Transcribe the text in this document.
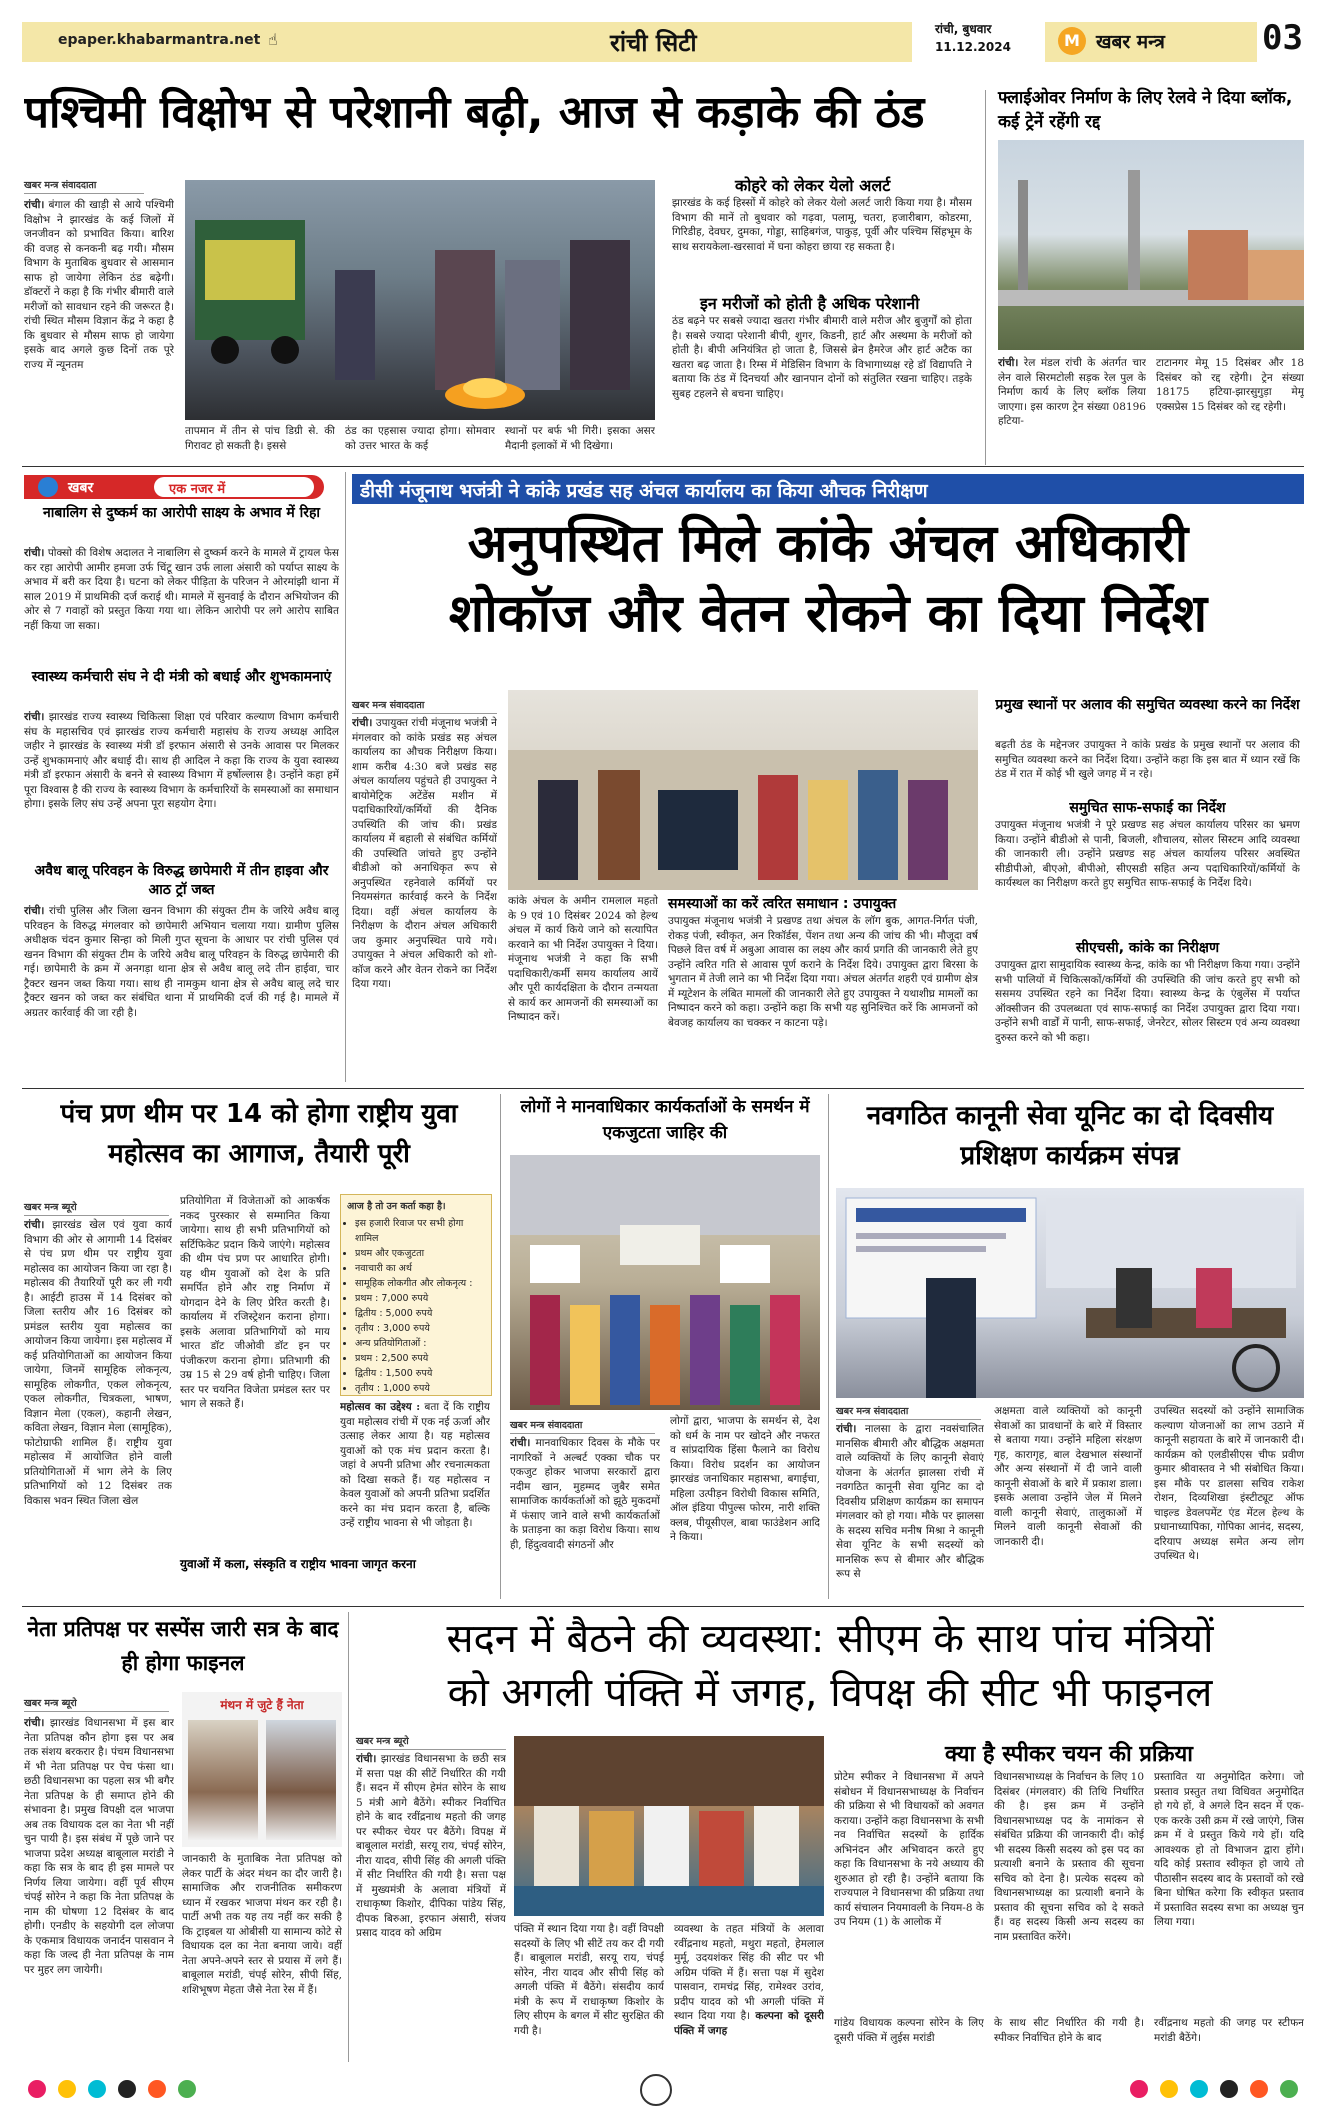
epaper.khabarmantra.net ☝	रांची सिटी	रांची, बुधवार
11.12.2024	M खबर मन्त्र	03
पश्चिमी विक्षोभ से परेशानी बढ़ी, आज से कड़ाके की ठंड
खबर मन्त्र संवाददाता
रांची। बंगाल की खाड़ी से आये पश्चिमी विक्षोभ ने झारखंड के कई जिलों में जनजीवन को प्रभावित किया। बारिश की वजह से कनकनी बढ़ गयी। मौसम विभाग के मुताबिक बुधवार से आसमान साफ हो जायेगा लेकिन ठंड बढ़ेगी। डॉक्टरों ने कहा है कि गंभीर बीमारी वाले मरीजों को सावधान रहने की जरूरत है। रांची स्थित मौसम विज्ञान केंद्र ने कहा है कि बुधवार से मौसम साफ हो जायेगा इसके बाद अगले कुछ दिनों तक पूरे राज्य में न्यूनतम
तापमान में तीन से पांच डिग्री से. की गिरावट हो सकती है। इससे
ठंड का एहसास ज्यादा होगा। सोमवार को उत्तर भारत के कई
स्थानों पर बर्फ भी गिरी। इसका असर मैदानी इलाकों में भी दिखेगा।
कोहरे को लेकर येलो अलर्ट
झारखंड के कई हिस्सों में कोहरे को लेकर येलो अलर्ट जारी किया गया है। मौसम विभाग की मानें तो बुधवार को गढ़वा, पलामू, चतरा, हजारीबाग, कोडरमा, गिरिडीह, देवघर, दुमका, गोड्डा, साहिबगंज, पाकुड़, पूर्वी और पश्चिम सिंहभूम के साथ सरायकेला-खरसावां में घना कोहरा छाया रह सकता है।
इन मरीजों को होती है अधिक परेशानी
ठंड बढ़ने पर सबसे ज्यादा खतरा गंभीर बीमारी वाले मरीज और बुजुर्गों को होता है। सबसे ज्यादा परेशानी बीपी, शुगर, किडनी, हार्ट और अस्थमा के मरीजों को होती है। बीपी अनियंत्रित हो जाता है, जिससे ब्रेन हैमरेज और हार्ट अटैक का खतरा बढ़ जाता है। रिम्स में मेडिसिन विभाग के विभागाध्यक्ष रहे डॉ विद्यापति ने बताया कि ठंड में दिनचर्या और खानपान दोनों को संतुलित रखना चाहिए। तड़के सुबह टहलने से बचना चाहिए।
फ्लाईओवर निर्माण के लिए रेलवे ने दिया ब्लॉक, कई ट्रेनें रहेंगी रद्द
रांची। रेल मंडल रांची के अंतर्गत चार लेन वाले सिरमटोली सड़क रेल पुल के निर्माण कार्य के लिए ब्लॉक लिया जाएगा। इस कारण ट्रेन संख्या 08196 हटिया-
टाटानगर मेमू 15 दिसंबर और 18 दिसंबर को रद्द रहेगी। ट्रेन संख्या 18175 हटिया-झारसुगुड़ा मेमू एक्सप्रेस 15 दिसंबर को रद्द रहेगी।
खबर	एक नजर में
नाबालिग से दुष्कर्म का आरोपी साक्ष्य के अभाव में रिहा
रांची। पोक्सो की विशेष अदालत ने नाबालिग से दुष्कर्म करने के मामले में ट्रायल फेस कर रहा आरोपी आमीर हमजा उर्फ चिंटू खान उर्फ लाला अंसारी को पर्याप्त साक्ष्य के अभाव में बरी कर दिया है। घटना को लेकर पीड़िता के परिजन ने ओरमांझी थाना में साल 2019 में प्राथमिकी दर्ज कराई थी। मामले में सुनवाई के दौरान अभियोजन की ओर से 7 गवाहों को प्रस्तुत किया गया था। लेकिन आरोपी पर लगे आरोप साबित नहीं किया जा सका।
स्वास्थ्य कर्मचारी संघ ने दी मंत्री को बधाई और शुभकामनाएं
रांची। झारखंड राज्य स्वास्थ्य चिकित्सा शिक्षा एवं परिवार कल्याण विभाग कर्मचारी संघ के महासचिव एवं झारखंड राज्य कर्मचारी महासंघ के राज्य अध्यक्ष आदिल जहीर ने झारखंड के स्वास्थ्य मंत्री डॉ इरफान अंसारी से उनके आवास पर मिलकर उन्हें शुभकामनाएं और बधाई दी। साथ ही आदिल ने कहा कि राज्य के युवा स्वास्थ्य मंत्री डॉ इरफान अंसारी के बनने से स्वास्थ्य विभाग में हर्षोल्लास है। उन्होंने कहा हमें पूरा विश्वास है की राज्य के स्वास्थ्य विभाग के कर्मचारियों के समस्याओं का समाधान होगा। इसके लिए संघ उन्हें अपना पूरा सहयोग देगा।
अवैध बालू परिवहन के विरुद्ध छापेमारी में तीन हाइवा और आठ ट्रॉ जब्त
रांची। रांची पुलिस और जिला खनन विभाग की संयुक्त टीम के जरिये अवैध बालू परिवहन के विरुद्ध मंगलवार को छापेमारी अभियान चलाया गया। ग्रामीण पुलिस अधीक्षक चंदन कुमार सिन्हा को मिली गुप्त सूचना के आधार पर रांची पुलिस एवं खनन विभाग की संयुक्त टीम के जरिये अवैध बालू परिवहन के विरुद्ध छापेमारी की गई। छापेमारी के क्रम में अनगड़ा थाना क्षेत्र से अवैध बालू लदे तीन हाईवा, चार ट्रैक्टर खनन जब्त किया गया। साथ ही नामकुम थाना क्षेत्र से अवैध बालू लदे चार ट्रैक्टर खनन को जब्त कर संबंधित थाना में प्राथमिकी दर्ज की गई है। मामले में अग्रतर कार्रवाई की जा रही है।
डीसी मंजूनाथ भजंत्री ने कांके प्रखंड सह अंचल कार्यालय का किया औचक निरीक्षण
अनुपस्थित मिले कांके अंचल अधिकारी
शोकॉज और वेतन रोकने का दिया निर्देश
खबर मन्त्र संवाददाता
रांची। उपायुक्त रांची मंजूनाथ भजंत्री ने मंगलवार को कांके प्रखंड सह अंचल कार्यालय का औचक निरीक्षण किया। शाम करीब 4:30 बजे प्रखंड सह अंचल कार्यालय पहुंचते ही उपायुक्त ने बायोमेट्रिक अटेंडेंस मशीन में पदाधिकारियों/कर्मियों की दैनिक उपस्थिति की जांच की। प्रखंड कार्यालय में बहाली से संबंधित कर्मियों की उपस्थिति जांचते हुए उन्होंने बीडीओ को अनाधिकृत रूप से अनुपस्थित रहनेवाले कर्मियों पर नियमसंगत कार्रवाई करने के निर्देश दिया। वहीं अंचल कार्यालय के निरीक्षण के दौरान अंचल अधिकारी जय कुमार अनुपस्थित पाये गये। उपायुक्त ने अंचल अधिकारी को शो-कॉज करने और वेतन रोकने का निर्देश दिया गया।
कांके अंचल के अमीन रामलाल महतो के 9 एवं 10 दिसंबर 2024 को हेल्थ अंचल में कार्य किये जाने को सत्यापित करवाने का भी निर्देश उपायुक्त ने दिया। मंजूनाथ भजंत्री ने कहा कि सभी पदाधिकारी/कर्मी समय कार्यालय आयें और पूरी कार्यदक्षिता के दौरान तन्मयता से कार्य कर आमजनों की समस्याओं का निष्पादन करें।
समस्याओं का करें त्वरित समाधान : उपायुक्त
उपायुक्त मंजूनाथ भजंत्री ने प्रखण्ड तथा अंचल के लॉग बुक, आगत-निर्गत पंजी, रोकड़ पंजी, स्वीकृत, अन रिकॉर्डस, पेंशन तथा अन्य की जांच की भी। मौजूदा वर्ष पिछले वित्त वर्ष में अबुआ आवास का लक्ष्य और कार्य प्रगति की जानकारी लेते हुए उन्होंने त्वरित गति से आवास पूर्ण कराने के निर्देश दिये। उपायुक्त द्वारा बिरसा के भुगतान में तेजी लाने का भी निर्देश दिया गया। अंचल अंतर्गत शहरी एवं ग्रामीण क्षेत्र में म्यूटेशन के लंबित मामलों की जानकारी लेते हुए उपायुक्त ने यथाशीघ्र मामलों का निष्पादन करने को कहा। उन्होंने कहा कि सभी यह सुनिश्चित करें कि आमजनों को बेवजह कार्यालय का चक्कर न काटना पड़े।
प्रमुख स्थानों पर अलाव की समुचित व्यवस्था करने का निर्देश
बढ़ती ठंड के मद्देनजर उपायुक्त ने कांके प्रखंड के प्रमुख स्थानों पर अलाव की समुचित व्यवस्था करने का निर्देश दिया। उन्होंने कहा कि इस बात में ध्यान रखें कि ठंड में रात में कोई भी खुले जगह में न रहे।
समुचित साफ-सफाई का निर्देश
उपायुक्त मंजूनाथ भजंत्री ने पूरे प्रखण्ड सह अंचल कार्यालय परिसर का भ्रमण किया। उन्होंने बीडीओ से पानी, बिजली, शौचालय, सोलर सिस्टम आदि व्यवस्था की जानकारी ली। उन्होंने प्रखण्ड सह अंचल कार्यालय परिसर अवस्थित सीडीपीओ, बीएओ, बीपीओ, सीएसडी सहित अन्य पदाधिकारियों/कर्मियों के कार्यस्थल का निरीक्षण करते हुए समुचित साफ-सफाई के निर्देश दिये।
सीएचसी, कांके का निरीक्षण
उपायुक्त द्वारा सामुदायिक स्वास्थ्य केन्द्र, कांके का भी निरीक्षण किया गया। उन्होंने सभी पालियों में चिकित्सकों/कर्मियों की उपस्थिति की जांच करते हुए सभी को ससमय उपस्थित रहने का निर्देश दिया। स्वास्थ्य केन्द्र के एंबुलेंस में पर्याप्त ऑक्सीजन की उपलब्धता एवं साफ-सफाई का निर्देश उपायुक्त द्वारा दिया गया। उन्होंने सभी वार्डों में पानी, साफ-सफाई, जेनरेटर, सोलर सिस्टम एवं अन्य व्यवस्था दुरुस्त करने को भी कहा।
पंच प्रण थीम पर 14 को होगा राष्ट्रीय युवा महोत्सव का आगाज, तैयारी पूरी
खबर मन्त्र ब्यूरो
रांची। झारखंड खेल एवं युवा कार्य विभाग की ओर से आगामी 14 दिसंबर से पंच प्रण थीम पर राष्ट्रीय युवा महोत्सव का आयोजन किया जा रहा है। महोत्सव की तैयारियों पूरी कर ली गयी है। आईटी हाउस में 14 दिसंबर को जिला स्तरीय और 16 दिसंबर को प्रमंडल स्तरीय युवा महोत्सव का आयोजन किया जायेगा। इस महोत्सव में कई प्रतियोगिताओं का आयोजन किया जायेगा, जिनमें सामूहिक लोकनृत्य, सामूहिक लोकगीत, एकल लोकनृत्य, एकल लोकगीत, चित्रकला, भाषण, विज्ञान मेला (एकल), कहानी लेखन, कविता लेखन, विज्ञान मेला (सामूहिक), फोटोग्राफी शामिल हैं। राष्ट्रीय युवा महोत्सव में आयोजित होने वाली प्रतियोगिताओं में भाग लेने के लिए प्रतिभागियों को 12 दिसंबर तक विकास भवन स्थित जिला खेल
प्रतियोगिता में विजेताओं को आकर्षक नकद पुरस्कार से सम्मानित किया जायेगा। साथ ही सभी प्रतिभागियों को सर्टिफिकेट प्रदान किये जाएंगे। महोत्सव की थीम पंच प्रण पर आधारित होगी। यह थीम युवाओं को देश के प्रति समर्पित होने और राष्ट्र निर्माण में योगदान देने के लिए प्रेरित करती है। कार्यालय में रजिस्ट्रेशन कराना होगा। इसके अलावा प्रतिभागियों को माय भारत डॉट जीओवी डॉट इन पर पंजीकरण कराना होगा। प्रतिभागी की उम्र 15 से 29 वर्ष होनी चाहिए। जिला स्तर पर चयनित विजेता प्रमंडल स्तर पर भाग ले सकते हैं।
आज है तो उन कर्ता कहा है।
• इस हजारी रिवाज पर सभी होगा शामिल
• प्रथम और एकजुटता
• नवाचारी का अर्थ
• सामूहिक लोकगीत और लोकनृत्य :
• प्रथम : 7,000 रुपये
• द्वितीय : 5,000 रुपये
• तृतीय : 3,000 रुपये
• अन्य प्रतियोगिताओं :
• प्रथम : 2,500 रुपये
• द्वितीय : 1,500 रुपये
• तृतीय : 1,000 रुपये
महोत्सव का उद्देश्य : बता दें कि राष्ट्रीय युवा महोत्सव रांची में एक नई ऊर्जा और उत्साह लेकर आया है। यह महोत्सव युवाओं को एक मंच प्रदान करता है। जहां वे अपनी प्रतिभा और रचनात्मकता को दिखा सकते हैं। यह महोत्सव न केवल युवाओं को अपनी प्रतिभा प्रदर्शित करने का मंच प्रदान करता है, बल्कि उन्हें राष्ट्रीय भावना से भी जोड़ता है।
युवाओं में कला, संस्कृति व राष्ट्रीय भावना जागृत करना
लोगों ने मानवाधिकार कार्यकर्ताओं के समर्थन में एकजुटता जाहिर की
खबर मन्त्र संवाददाता
रांची। मानवाधिकार दिवस के मौके पर नागरिकों ने अल्बर्ट एक्का चौक पर एकजुट होकर भाजपा सरकारों द्वारा नदीम खान, मुहम्मद जुबैर समेत सामाजिक कार्यकर्ताओं को झूठे मुकदमों में फंसाए जाने वाले सभी कार्यकर्ताओं के प्रताड़ना का कड़ा विरोध किया। साथ ही, हिंदुत्ववादी संगठनों और
लोगों द्वारा, भाजपा के समर्थन से, देश को धर्म के नाम पर खोदने और नफरत व सांप्रदायिक हिंसा फैलाने का विरोध किया। विरोध प्रदर्शन का आयोजन झारखंड जनाधिकार महासभा, बगाईचा, महिला उत्पीड़न विरोधी विकास समिति, ऑल इंडिया पीपुल्स फोरम, नारी शक्ति क्लब, पीयूसीएल, बाबा फाउंडेशन आदि ने किया।
नवगठित कानूनी सेवा यूनिट का दो दिवसीय प्रशिक्षण कार्यक्रम संपन्न
खबर मन्त्र संवाददाता
रांची। नालसा के द्वारा नवसंचालित मानसिक बीमारी और बौद्धिक अक्षमता वाले व्यक्तियों के लिए कानूनी सेवाएं योजना के अंतर्गत झालसा रांची में नवगठित कानूनी सेवा यूनिट का दो दिवसीय प्रशिक्षण कार्यक्रम का समापन मंगलवार को हो गया। मौके पर झालसा के सदस्य सचिव मनीष मिश्रा ने कानूनी सेवा यूनिट के सभी सदस्यों को मानसिक रूप से बीमार और बौद्धिक रूप से
अक्षमता वाले व्यक्तियों को कानूनी सेवाओं का प्रावधानों के बारे में विस्तार से बताया गया। उन्होंने महिला संरक्षण गृह, कारागृह, बाल देखभाल संस्थानों और अन्य संस्थानों में दी जाने वाली कानूनी सेवाओं के बारे में प्रकाश डाला। इसके अलावा उन्होंने जेल में मिलने वाली कानूनी सेवाएं, तालुकाओं में मिलने वाली कानूनी सेवाओं की जानकारी दी।
उपस्थित सदस्यों को उन्होंने सामाजिक कल्याण योजनाओं का लाभ उठाने में कानूनी सहायता के बारे में जानकारी दी। कार्यक्रम को एलडीसीएस चीफ प्रवीण कुमार श्रीवास्तव ने भी संबोधित किया। इस मौके पर डालसा सचिव राकेश रोशन, दिव्यशिखा इंस्टीट्यूट ऑफ चाइल्ड डेवलपमेंट एंड मेंटल हेल्थ के प्रधानाध्यापिका, गोपिका आनंद, सदस्य, दरियाप अध्यक्ष समेत अन्य लोग उपस्थित थे।
नेता प्रतिपक्ष पर सस्पेंस जारी सत्र के बाद ही होगा फाइनल
खबर मन्त्र ब्यूरो
रांची। झारखंड विधानसभा में इस बार नेता प्रतिपक्ष कौन होगा इस पर अब तक संशय बरकरार है। पंचम विधानसभा में भी नेता प्रतिपक्ष पर पेच फंसा था। छठी विधानसभा का पहला सत्र भी बगैर नेता प्रतिपक्ष के ही समाप्त होने की संभावना है। प्रमुख विपक्षी दल भाजपा अब तक विधायक दल का नेता भी नहीं चुन पायी है। इस संबंध में पूछे जाने पर भाजपा प्रदेश अध्यक्ष बाबूलाल मरांडी ने कहा कि सत्र के बाद ही इस मामले पर निर्णय लिया जायेगा। वहीं पूर्व सीएम चंपई सोरेन ने कहा कि नेता प्रतिपक्ष के नाम की घोषणा 12 दिसंबर के बाद होगी। एनडीए के सहयोगी दल लोजपा के एकमात्र विधायक जनार्दन पासवान ने कहा कि जल्द ही नेता प्रतिपक्ष के नाम पर मुहर लग जायेगी।
मंथन में जुटे हैं नेता
जानकारी के मुताबिक नेता प्रतिपक्ष को लेकर पार्टी के अंदर मंथन का दौर जारी है। सामाजिक और राजनीतिक समीकरण ध्यान में रखकर भाजपा मंथन कर रही है। पार्टी अभी तक यह तय नहीं कर सकी है कि ट्राइबल या ओबीसी या सामान्य कोटे से विधायक दल का नेता बनाया जाये। वहीं नेता अपने-अपने स्तर से प्रयास में लगे हैं। बाबूलाल मरांडी, चंपई सोरेन, सीपी सिंह, शशिभूषण मेहता जैसे नेता रेस में हैं।
सदन में बैठने की व्यवस्था: सीएम के साथ पांच मंत्रियों
को अगली पंक्ति में जगह, विपक्ष की सीट भी फाइनल
खबर मन्त्र ब्यूरो
रांची। झारखंड विधानसभा के छठी सत्र में सत्ता पक्ष की सीटें निर्धारित की गयी हैं। सदन में सीएम हेमंत सोरेन के साथ 5 मंत्री आगे बैठेंगे। स्पीकर निर्वाचित होने के बाद रवींद्रनाथ महतो की जगह पर स्पीकर चेयर पर बैठेंगे। विपक्ष में बाबूलाल मरांडी, सरयू राय, चंपई सोरेन, नीरा यादव, सीपी सिंह की अगली पंक्ति में सीट निर्धारित की गयी है। सत्ता पक्ष में मुख्यमंत्री के अलावा मंत्रियों में राधाकृष्ण किशोर, दीपिका पांडेय सिंह, दीपक बिरुआ, इरफान अंसारी, संजय प्रसाद यादव को अग्रिम	पंक्ति में स्थान दिया गया है। वहीं विपक्षी सदस्यों के लिए भी सीटें तय कर दी गयी हैं। बाबूलाल मरांडी, सरयू राय, चंपई सोरेन, नीरा यादव और सीपी सिंह को अगली पंक्ति में बैठेंगे। संसदीय कार्य मंत्री के रूप में राधाकृष्ण किशोर के लिए सीएम के बगल में सीट सुरक्षित की गयी है।
व्यवस्था के तहत मंत्रियों के अलावा रवींद्रनाथ महतो, मथुरा महतो, हेमलाल मुर्मू, उदयशंकर सिंह की सीट पर भी अग्रिम पंक्ति में हैं। सत्ता पक्ष में सुदेश पासवान, रामचंद्र सिंह, रामेश्वर उरांव, प्रदीप यादव को भी अगली पंक्ति में स्थान दिया गया है। कल्पना को दूसरी पंक्ति में जगह
क्या है स्पीकर चयन की प्रक्रिया
प्रोटेम स्पीकर ने विधानसभा में अपने संबोधन में विधानसभाध्यक्ष के निर्वाचन की प्रक्रिया से भी विधायकों को अवगत कराया। उन्होंने कहा विधानसभा के सभी नव निर्वाचित सदस्यों के हार्दिक अभिनंदन और अभिवादन करते हुए कहा कि विधानसभा के नये अध्याय की शुरुआत हो रही है। उन्होंने बताया कि राज्यपाल ने विधानसभा की प्रक्रिया तथा कार्य संचालन नियमावली के नियम-8 के उप नियम (1) के आलोक में
विधानसभाध्यक्ष के निर्वाचन के लिए 10 दिसंबर (मंगलवार) की तिथि निर्धारित की है। इस क्रम में उन्होंने विधानसभाध्यक्ष पद के नामांकन से संबंधित प्रक्रिया की जानकारी दी। कोई भी सदस्य किसी सदस्य को इस पद का प्रत्याशी बनाने के प्रस्ताव की सूचना सचिव को देना है। प्रत्येक सदस्य को विधानसभाध्यक्ष का प्रत्याशी बनाने के प्रस्ताव की सूचना सचिव को दे सकते हैं। वह सदस्य किसी अन्य सदस्य का नाम प्रस्तावित करेंगे।
प्रस्तावित या अनुमोदित करेगा। जो प्रस्ताव प्रस्तुत तथा विधिवत अनुमोदित हो गये हों, वे अगले दिन सदन में एक-एक करके उसी क्रम में रखे जाएंगे, जिस क्रम में वे प्रस्तुत किये गये हों। यदि आवश्यक हो तो विभाजन द्वारा होंगे। यदि कोई प्रस्ताव स्वीकृत हो जाये तो पीठासीन सदस्य बाद के प्रस्तावों को रखे बिना घोषित करेगा कि स्वीकृत प्रस्ताव में प्रस्तावित सदस्य सभा का अध्यक्ष चुन लिया गया।
गांडेय विधायक कल्पना सोरेन के लिए दूसरी पंक्ति में लुईस मरांडी
के साथ सीट निर्धारित की गयी है। स्पीकर निर्वाचित होने के बाद
रवींद्रनाथ महतो की जगह पर स्टीफन मरांडी बैठेंगे।
